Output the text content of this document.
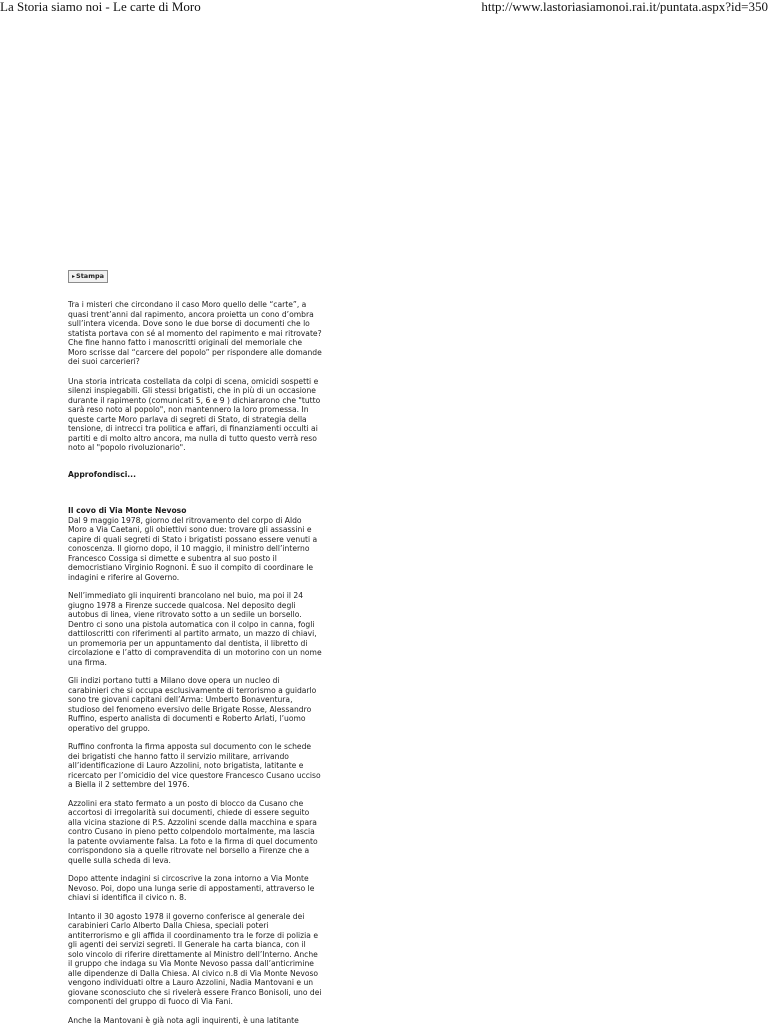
La Storia siamo noi - Le carte di Moro	http://www.lastoriasiamonoi.rai.it/puntata.aspx?id=350
▸Stampa

Tra i misteri che circondano il caso Moro quello delle “carte”, a quasi trent’anni dal rapimento, ancora proietta un cono d’ombra sull’intera vicenda. Dove sono le due borse di documenti che lo statista portava con sé al momento del rapimento e mai ritrovate? Che fine hanno fatto i manoscritti originali del memoriale che Moro scrisse dal “carcere del popolo” per rispondere alle domande dei suoi carcerieri?

Una storia intricata costellata da colpi di scena, omicidi sospetti e silenzi inspiegabili. Gli stessi brigatisti, che in più di un occasione durante il rapimento (comunicati 5, 6 e 9 ) dichiararono che "tutto sarà reso noto al popolo", non mantennero la loro promessa. In queste carte Moro parlava di segreti di Stato, di strategia della tensione, di intrecci tra politica e affari, di finanziamenti occulti ai partiti e di molto altro ancora, ma nulla di tutto questo verrà reso noto al "popolo rivoluzionario".

Approfondisci...

Il covo di Via Monte Nevoso

Dal 9 maggio 1978, giorno del ritrovamento del corpo di Aldo Moro a Via Caetani, gli obiettivi sono due: trovare gli assassini e capire di quali segreti di Stato i brigatisti possano essere venuti a conoscenza. Il giorno dopo, il 10 maggio, il ministro dell’interno Francesco Cossiga si dimette e subentra al suo posto il democristiano Virginio Rognoni. È suo il compito di coordinare le indagini e riferire al Governo.

Nell’immediato gli inquirenti brancolano nel buio, ma poi il 24 giugno 1978 a Firenze succede qualcosa. Nel deposito degli autobus di linea, viene ritrovato sotto a un sedile un borsello. Dentro ci sono una pistola automatica con il colpo in canna, fogli dattiloscritti con riferimenti al partito armato, un mazzo di chiavi, un promemoria per un appuntamento dal dentista, il libretto di circolazione e l’atto di compravendita di un motorino con un nome una firma.

Gli indizi portano tutti a Milano dove opera un nucleo di carabinieri che si occupa esclusivamente di terrorismo a guidarlo sono tre giovani capitani dell’Arma: Umberto Bonaventura, studioso del fenomeno eversivo delle Brigate Rosse, Alessandro Ruffino, esperto analista di documenti e Roberto Arlati, l’uomo operativo del gruppo.

Ruffino confronta la firma apposta sul documento con le schede dei brigatisti che hanno fatto il servizio militare, arrivando all’identificazione di Lauro Azzolini, noto brigatista, latitante e ricercato per l’omicidio del vice questore Francesco Cusano ucciso a Biella il 2 settembre del 1976.

Azzolini era stato fermato a un posto di blocco da Cusano che accortosi di irregolarità sui documenti, chiede di essere seguito alla vicina stazione di P.S. Azzolini scende dalla macchina e spara contro Cusano in pieno petto colpendolo mortalmente, ma lascia la patente ovviamente falsa. La foto e la firma di quel documento corrispondono sia a quelle ritrovate nel borsello a Firenze che a quelle sulla scheda di leva.

Dopo attente indagini si circoscrive la zona intorno a Via Monte Nevoso. Poi, dopo una lunga serie di appostamenti, attraverso le chiavi si identifica il civico n. 8.

Intanto il 30 agosto 1978 il governo conferisce al generale dei carabinieri Carlo Alberto Dalla Chiesa, speciali poteri antiterrorismo e gli affida il coordinamento tra le forze di polizia e gli agenti dei servizi segreti. Il Generale ha carta bianca, con il solo vincolo di riferire direttamente al Ministro dell’Interno. Anche il gruppo che indaga su Via Monte Nevoso passa dall’anticrimine alle dipendenze di Dalla Chiesa. Al civico n.8 di Via Monte Nevoso vengono individuati oltre a Lauro Azzolini, Nadia Mantovani e un giovane sconosciuto che si rivelerà essere Franco Bonisoli, uno dei componenti del gruppo di fuoco di Via Fani.

Anche la Mantovani è già nota agli inquirenti, è una latitante
